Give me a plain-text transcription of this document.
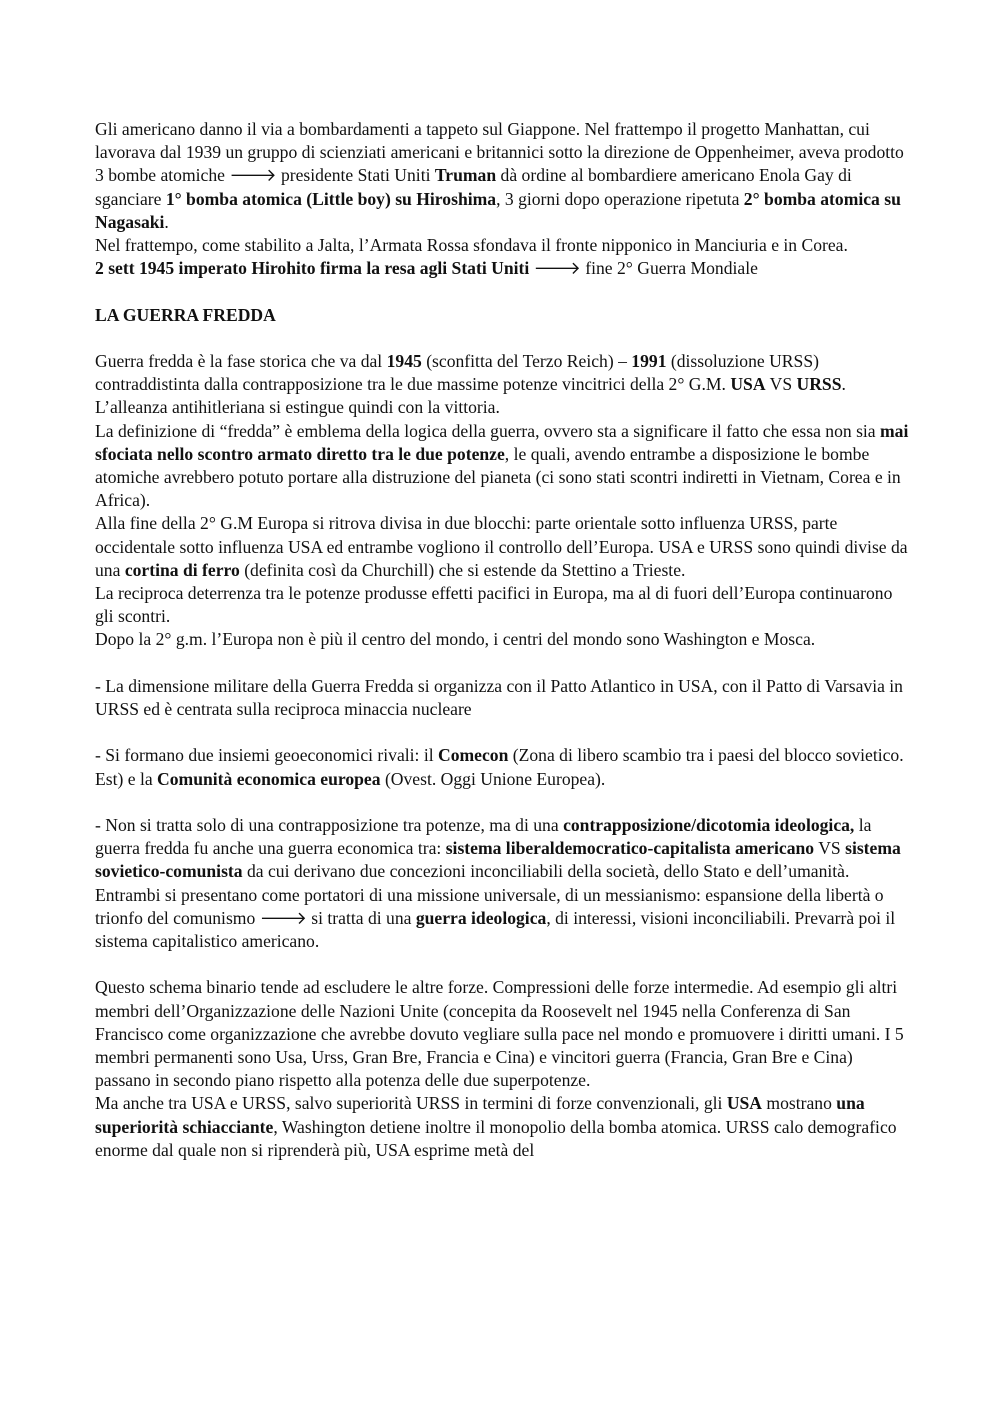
Gli americano danno il via a bombardamenti a tappeto sul Giappone. Nel frattempo il progetto Manhattan, cui lavorava dal 1939 un gruppo di scienziati americani e britannici sotto la direzione de Oppenheimer, aveva prodotto 3 bombe atomiche 🡒 presidente Stati Uniti Truman dà ordine al bombardiere americano Enola Gay di sganciare 1° bomba atomica (Little boy) su Hiroshima, 3 giorni dopo operazione ripetuta 2° bomba atomica su Nagasaki.

Nel frattempo, come stabilito a Jalta, l’Armata Rossa sfondava il fronte nipponico in Manciuria e in Corea.

2 sett 1945 imperato Hirohito firma la resa agli Stati Uniti 🡒 fine 2° Guerra Mondiale

LA GUERRA FREDDA

Guerra fredda è la fase storica che va dal 1945 (sconfitta del Terzo Reich) – 1991 (dissoluzione URSS) contraddistinta dalla contrapposizione tra le due massime potenze vincitrici della 2° G.M. USA VS URSS. L’alleanza antihitleriana si estingue quindi con la vittoria.

La definizione di “fredda” è emblema della logica della guerra, ovvero sta a significare il fatto che essa non sia mai sfociata nello scontro armato diretto tra le due potenze, le quali, avendo entrambe a disposizione le bombe atomiche avrebbero potuto portare alla distruzione del pianeta (ci sono stati scontri indiretti in Vietnam, Corea e in Africa).

Alla fine della 2° G.M Europa si ritrova divisa in due blocchi: parte orientale sotto influenza URSS, parte occidentale sotto influenza USA ed entrambe vogliono il controllo dell’Europa. USA e URSS sono quindi divise da una cortina di ferro (definita così da Churchill) che si estende da Stettino a Trieste.

La reciproca deterrenza tra le potenze produsse effetti pacifici in Europa, ma al di fuori dell’Europa continuarono gli scontri.

Dopo la 2° g.m. l’Europa non è più il centro del mondo, i centri del mondo sono Washington e Mosca.

- La dimensione militare della Guerra Fredda si organizza con il Patto Atlantico in USA, con il Patto di Varsavia in URSS ed è centrata sulla reciproca minaccia nucleare

- Si formano due insiemi geoeconomici rivali: il Comecon (Zona di libero scambio tra i paesi del blocco sovietico. Est) e la Comunità economica europea (Ovest. Oggi Unione Europea).

- Non si tratta solo di una contrapposizione tra potenze, ma di una contrapposizione/dicotomia ideologica, la guerra fredda fu anche una guerra economica tra: sistema liberaldemocratico-capitalista americano VS sistema sovietico-comunista da cui derivano due concezioni inconciliabili della società, dello Stato e dell’umanità. Entrambi si presentano come portatori di una missione universale, di un messianismo: espansione della libertà o trionfo del comunismo 🡒 si tratta di una guerra ideologica, di interessi, visioni inconciliabili. Prevarrà poi il sistema capitalistico americano.

Questo schema binario tende ad escludere le altre forze. Compressioni delle forze intermedie. Ad esempio gli altri membri dell’Organizzazione delle Nazioni Unite (concepita da Roosevelt nel 1945 nella Conferenza di San Francisco come organizzazione che avrebbe dovuto vegliare sulla pace nel mondo e promuovere i diritti umani. I 5 membri permanenti sono Usa, Urss, Gran Bre, Francia e Cina) e vincitori guerra (Francia, Gran Bre e Cina) passano in secondo piano rispetto alla potenza delle due superpotenze.

Ma anche tra USA e URSS, salvo superiorità URSS in termini di forze convenzionali, gli USA mostrano una superiorità schiacciante, Washington detiene inoltre il monopolio della bomba atomica. URSS calo demografico enorme dal quale non si riprenderà più, USA esprime metà del
